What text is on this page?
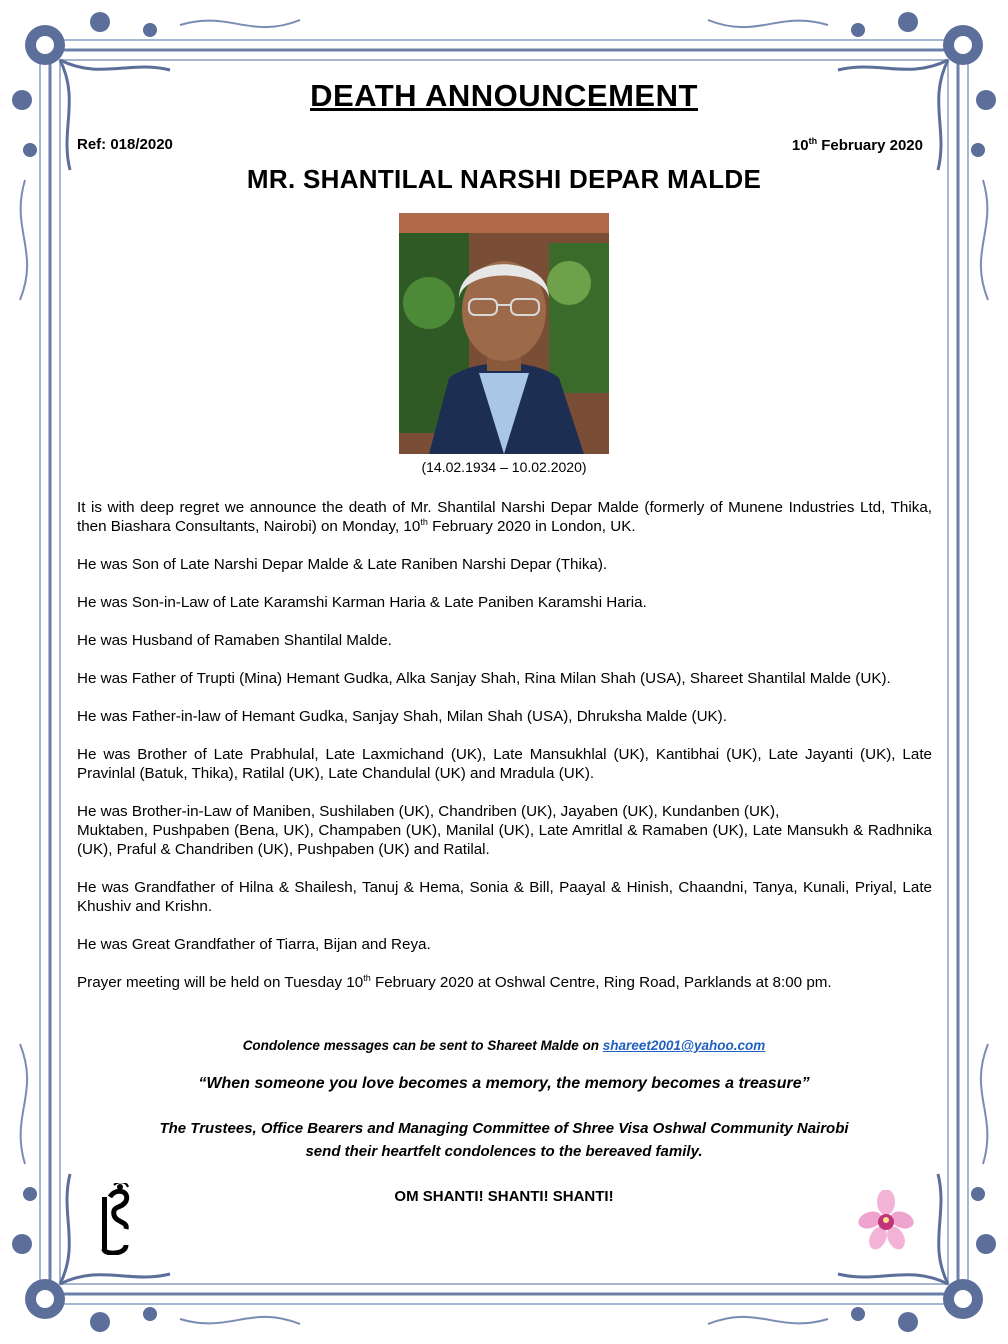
DEATH ANNOUNCEMENT
Ref: 018/2020	10th February 2020
MR. SHANTILAL NARSHI DEPAR MALDE
(14.02.1934 – 10.02.2020)

It is with deep regret we announce the death of Mr. Shantilal Narshi Depar Malde (formerly of Munene Industries Ltd, Thika, then Biashara Consultants, Nairobi) on Monday, 10th February 2020 in London, UK.

He was Son of Late Narshi Depar Malde & Late Raniben Narshi Depar (Thika).

He was Son-in-Law of Late Karamshi Karman Haria & Late Paniben Karamshi Haria.

He was Husband of Ramaben Shantilal Malde.

He was Father of Trupti (Mina) Hemant Gudka, Alka Sanjay Shah, Rina Milan Shah (USA), Shareet Shantilal Malde (UK).

He was Father-in-law of Hemant Gudka, Sanjay Shah, Milan Shah (USA), Dhruksha Malde (UK).

He was Brother of Late Prabhulal, Late Laxmichand (UK), Late Mansukhlal (UK), Kantibhai (UK), Late Jayanti (UK), Late Pravinlal (Batuk, Thika), Ratilal (UK), Late Chandulal (UK) and Mradula (UK).

He was Brother-in-Law of Maniben, Sushilaben (UK), Chandriben (UK), Jayaben (UK), Kundanben (UK),
Muktaben, Pushpaben (Bena, UK), Champaben (UK), Manilal (UK), Late Amritlal & Ramaben (UK), Late Mansukh & Radhnika (UK), Praful & Chandriben (UK), Pushpaben (UK) and Ratilal.

He was Grandfather of Hilna & Shailesh, Tanuj & Hema, Sonia & Bill, Paayal & Hinish, Chaandni, Tanya, Kunali, Priyal, Late Khushiv and Krishn.

He was Great Grandfather of Tiarra, Bijan and Reya.

Prayer meeting will be held on Tuesday 10th February 2020 at Oshwal Centre, Ring Road, Parklands at 8:00 pm.

Condolence messages can be sent to Shareet Malde on shareet2001@yahoo.com
“When someone you love becomes a memory, the memory becomes a treasure”
The Trustees, Office Bearers and Managing Committee of Shree Visa Oshwal Community Nairobi
send their heartfelt condolences to the bereaved family.
OM SHANTI! SHANTI! SHANTI!
